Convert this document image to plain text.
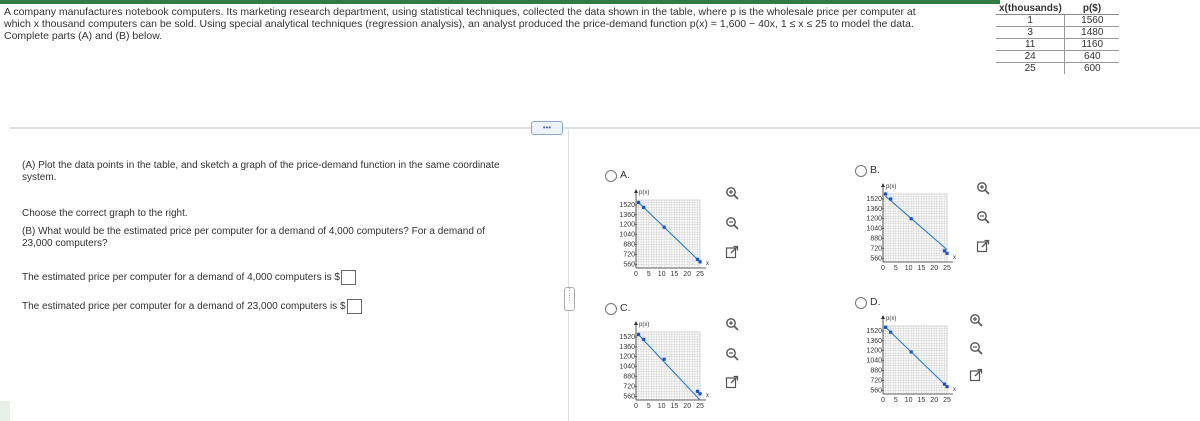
A company manufactures notebook computers. Its marketing research department, using statistical techniques, collected the data shown in the table, where p is the wholesale price per computer at

which x thousand computers can be sold. Using special analytical techniques (regression analysis), an analyst produced the price-demand function p(x) = 1,600 − 40x, 1 ≤ x ≤ 25 to model the data.

Complete parts (A) and (B) below.

x(thousands)	p($)
1	1560
3	1480
11	1160
24	640
25	600
•••

(A) Plot the data points in the table, and sketch a graph of the price-demand function in the same coordinate

system.

Choose the correct graph to the right.

(B) What would be the estimated price per computer for a demand of 4,000 computers? For a demand of

23,000 computers?

The estimated price per computer for a demand of 4,000 computers is $

The estimated price per computer for a demand of 23,000 computers is $

⋮
⋮
A.	B.
C.	D.
p(x)
x
1520
1360
1200
1040
880
720
560
0 5 10 15 20 25
p(x)
x
1520
1360
1200
1040
880
720
560
0 5 10 15 20 25
p(x)
x
1520
1360
1200
1040
880
720
560
0 5 10 15 20 25
p(x)
x
1520
1360
1200
1040
880
720
560
0 5 10 15 20 25
